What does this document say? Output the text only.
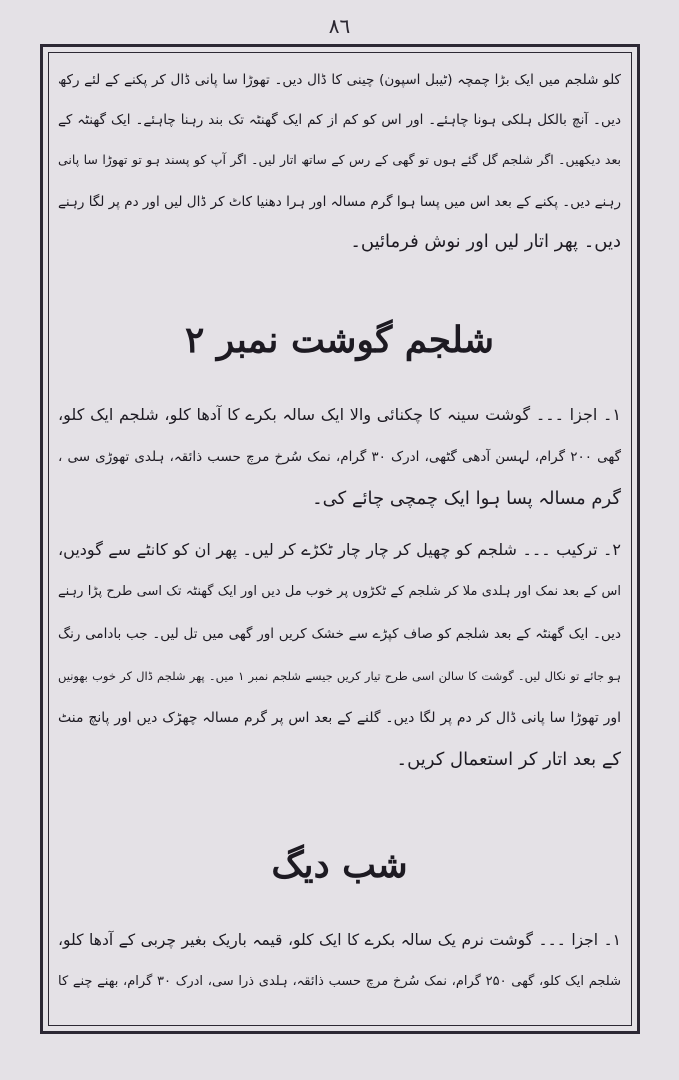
۸٦
کلو شلجم میں ایک بڑا چمچہ (ٹیبل اسپون) چینی کا ڈال دیں۔ تھوڑا سا پانی ڈال کر پکنے کے لئے رکھ
دیں۔ آنچ بالکل ہلکی ہونا چاہئے۔ اور اس کو کم از کم ایک گھنٹہ تک بند رہنا چاہئے۔ ایک گھنٹہ کے
بعد دیکھیں۔ اگر شلجم گل گئے ہوں تو گھی کے رس کے ساتھ اتار لیں۔ اگر آپ کو پسند ہو تو تھوڑا سا پانی
رہنے دیں۔ پکنے کے بعد اس میں پسا ہوا گرم مسالہ اور ہرا دھنیا کاٹ کر ڈال لیں اور دم پر لگا رہنے
دیں۔ پھر اتار لیں اور نوش فرمائیں۔
شلجم گوشت نمبر ۲
۱۔ اجزا ۔۔۔ گوشت سینہ کا چکنائی والا ایک سالہ بکرے کا آدھا کلو، شلجم ایک کلو،
گھی ۲۰۰ گرام، لہسن آدھی گٹھی، ادرک ۳۰ گرام، نمک سُرخ مرچ حسب ذائقہ، ہلدی تھوڑی سی ،
گرم مسالہ پسا ہوا ایک چمچی چائے کی۔
۲۔ ترکیب ۔۔۔ شلجم کو چھیل کر چار چار ٹکڑے کر لیں۔ پھر ان کو کانٹے سے گودیں،
اس کے بعد نمک اور ہلدی ملا کر شلجم کے ٹکڑوں پر خوب مل دیں اور ایک گھنٹہ تک اسی طرح پڑا رہنے
دیں۔ ایک گھنٹہ کے بعد شلجم کو صاف کپڑے سے خشک کریں اور گھی میں تل لیں۔ جب بادامی رنگ
ہو جائے تو نکال لیں۔ گوشت کا سالن اسی طرح تیار کریں جیسے شلجم نمبر ۱ میں۔ پھر شلجم ڈال کر خوب بھونیں
اور تھوڑا سا پانی ڈال کر دم پر لگا دیں۔ گلنے کے بعد اس پر گرم مسالہ چھڑک دیں اور پانچ منٹ
کے بعد اتار کر استعمال کریں۔
شب دیگ
۱۔ اجزا ۔۔۔ گوشت نرم یک سالہ بکرے کا ایک کلو، قیمہ باریک بغیر چربی کے آدھا کلو،
شلجم ایک کلو، گھی ۲۵۰ گرام، نمک سُرخ مرچ حسب ذائقہ، ہلدی ذرا سی، ادرک ۳۰ گرام، بھنے چنے کا
